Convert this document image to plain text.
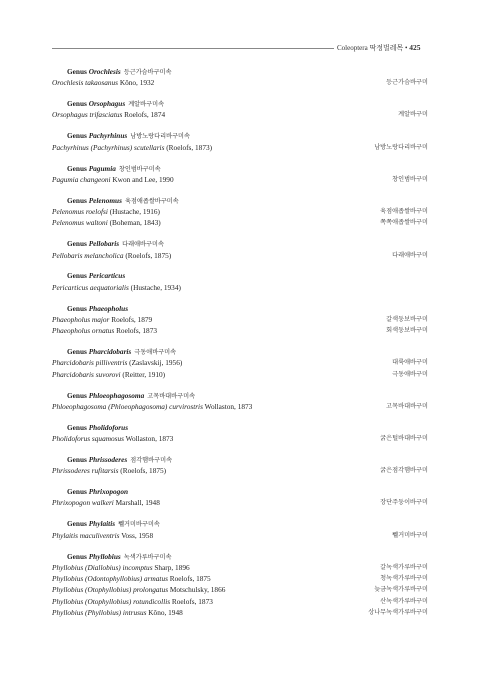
Coleoptera 딱정벌레목 • 425
Genus Orochlesis 등근가슴바구미속
Orochlesis takaosanus Kôno, 1932	등근가슴바구미
Genus Orsophagus 계알바구미속
Orsophagus trifasciatus Roelofs, 1874	계알바구미
Genus Pachyrhinus 남방노랑다리바구미속
Pachyrhinus (Pachyrhinus) scutellaris (Roelofs, 1873)	남방노랑다리바구미
Genus Pagumia 창인범바구미속
Pagumia changeoni Kwon and Lee, 1990	창인범바구미
Genus Pelenomus 육점애좁쌀바구미속
Pelenomus roelofsi (Hustache, 1916)	육점애좁쌀바구미
Pelenomus waltoni (Boheman, 1843)	쪽쪽애좁쌀바구미
Genus Pellobaris 다래애바구미속
Pellobaris melancholica (Roelofs, 1875)	다래애바구미
Genus Pericarticus
Pericarticus aequatorialis (Hustache, 1934)
Genus Phaeopholus
Phaeopholus major Roelofs, 1879	갈색둥보바구미
Phaeopholus ornatus Roelofs, 1873	회색둥보바구미
Genus Pharcidobaris 극동애바구미속
Pharcidobaris pilliventris (Zaslavskij, 1956)	대륙애바구미
Pharcidobaris suvorovi (Reitter, 1910)	극동애바구미
Genus Phloeophagosoma 고목바대바구미속
Phloeophagosoma (Phloeophagosoma) curvirostris Wollaston, 1873	고목바대바구미
Genus Pholidoforus
Pholidoforus squamosus Wollaston, 1873	굵은털바대바구미
Genus Phrissoderes 점각햄바구미속
Phrissoderes rufitarsis (Roelofs, 1875)	굵은점각햄바구미
Genus Phrixopogon
Phrixopogon walkeri Marshall, 1948	장단주둥이바구미
Genus Phylaitis 쀌거미바구미속
Phylaitis maculiventris Voss, 1958	쀌거미바구미
Genus Phyllobius 녹색가루바구미속
Phyllobius (Diallobius) incomptus Sharp, 1896	갈녹색가루바구미
Phyllobius (Odontophyllobius) armatus Roelofs, 1875	청녹색가루바구미
Phyllobius (Otophyllobius) prolongatus Motschulsky, 1866	늦금녹색가루바구미
Phyllobius (Otophyllobius) rotundicollis Roelofs, 1873	산녹색가루바구미
Phyllobius (Phyllobius) intrusus Kôno, 1948	상나무녹색가루바구미
